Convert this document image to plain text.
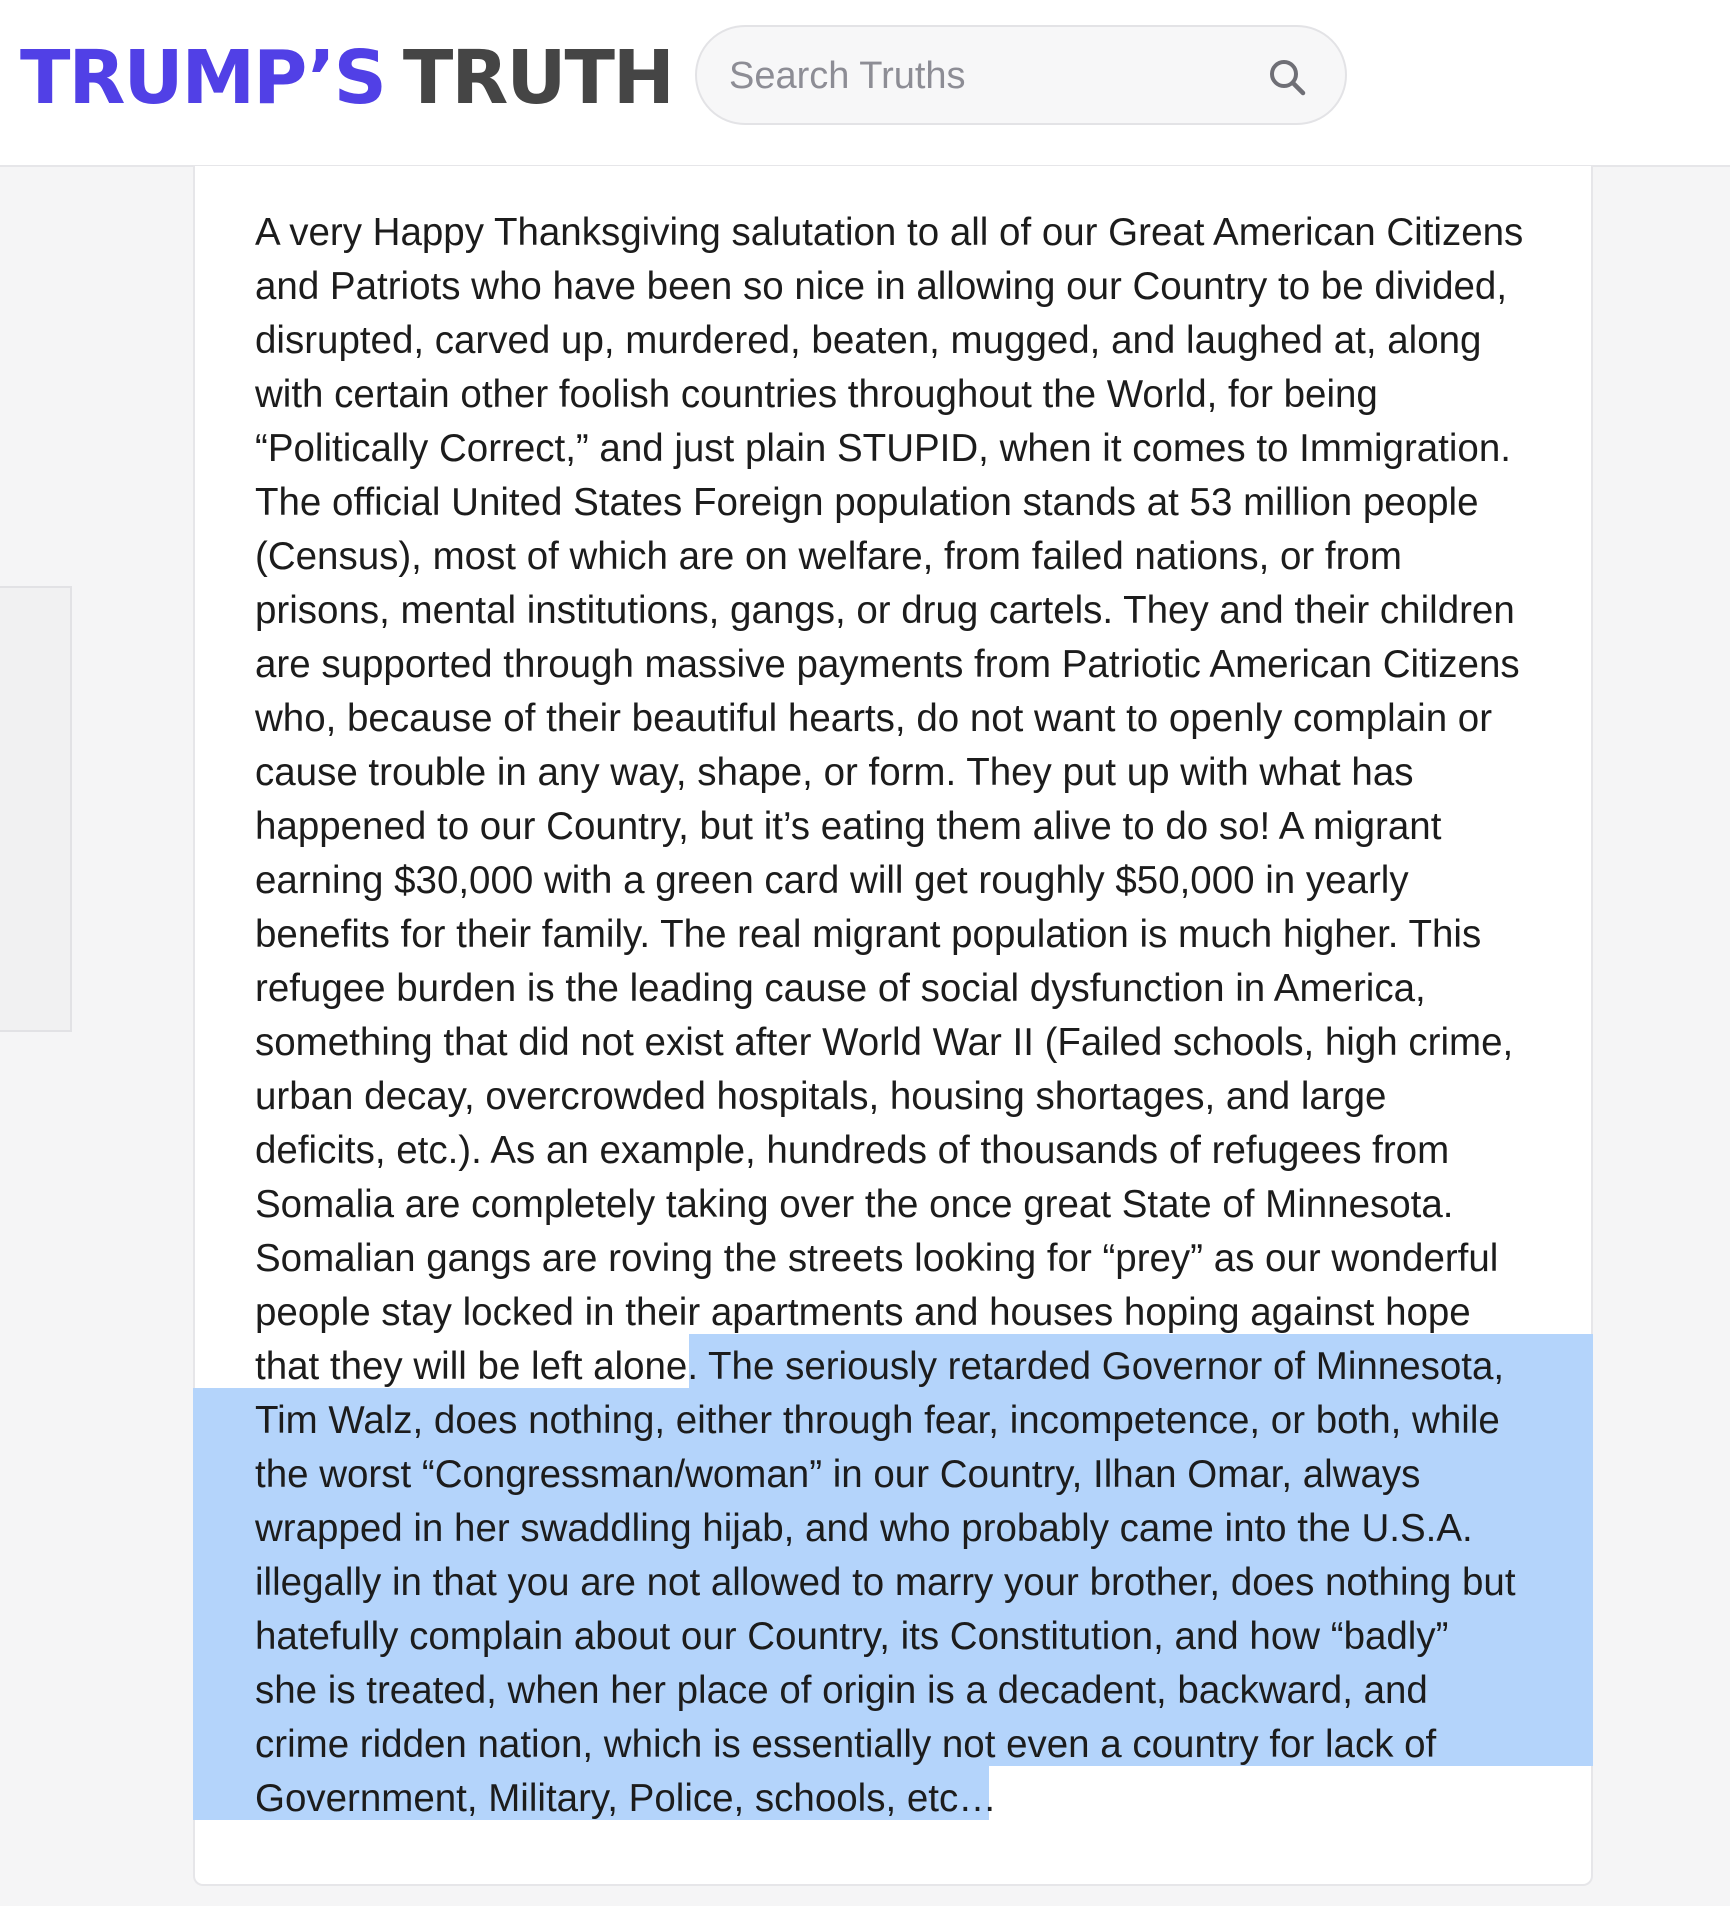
TRUMP’S TRUTH
Search Truths

A very Happy Thanksgiving salutation to all of our Great American Citizens
and Patriots who have been so nice in allowing our Country to be divided,
disrupted, carved up, murdered, beaten, mugged, and laughed at, along
with certain other foolish countries throughout the World, for being
“Politically Correct,” and just plain STUPID, when it comes to Immigration.
The official United States Foreign population stands at 53 million people
(Census), most of which are on welfare, from failed nations, or from
prisons, mental institutions, gangs, or drug cartels. They and their children
are supported through massive payments from Patriotic American Citizens
who, because of their beautiful hearts, do not want to openly complain or
cause trouble in any way, shape, or form. They put up with what has
happened to our Country, but it’s eating them alive to do so! A migrant
earning $30,000 with a green card will get roughly $50,000 in yearly
benefits for their family. The real migrant population is much higher. This
refugee burden is the leading cause of social dysfunction in America,
something that did not exist after World War II (Failed schools, high crime,
urban decay, overcrowded hospitals, housing shortages, and large
deficits, etc.). As an example, hundreds of thousands of refugees from
Somalia are completely taking over the once great State of Minnesota.
Somalian gangs are roving the streets looking for “prey” as our wonderful
people stay locked in their apartments and houses hoping against hope
that they will be left alone. The seriously retarded Governor of Minnesota,
Tim Walz, does nothing, either through fear, incompetence, or both, while
the worst “Congressman/woman” in our Country, Ilhan Omar, always
wrapped in her swaddling hijab, and who probably came into the U.S.A.
illegally in that you are not allowed to marry your brother, does nothing but
hatefully complain about our Country, its Constitution, and how “badly”
she is treated, when her place of origin is a decadent, backward, and
crime ridden nation, which is essentially not even a country for lack of
Government, Military, Police, schools, etc…
